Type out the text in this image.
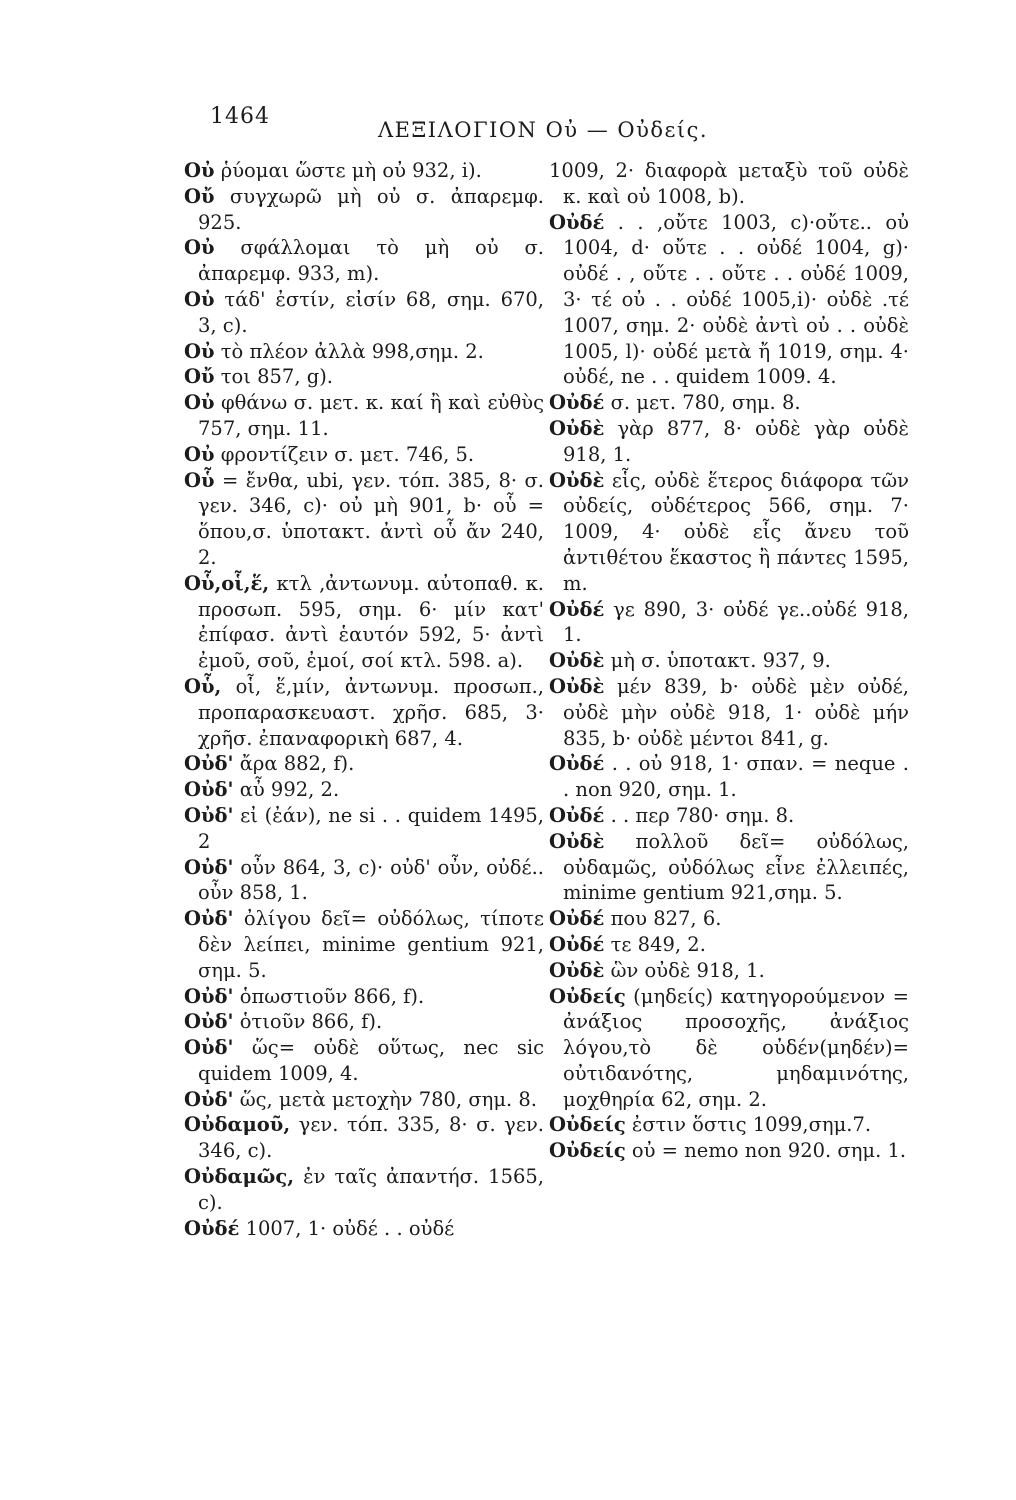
1464
ΛΕΞΙΛΟΓΙΟΝ Οὐ — Οὐδείς.

Οὐ ῥύομαι ὥστε μὴ οὐ 932, i).

Οὔ συγχωρῶ μὴ οὐ σ. ἀπαρεμφ. 925.

Οὐ σφάλλομαι τὸ μὴ οὐ σ. ἀπαρεμφ. 933, m).

Οὐ τάδ' ἐστίν, εἰσίν 68, σημ. 670, 3, c).

Οὐ τὸ πλέον ἀλλὰ 998,σημ. 2.

Οὔ τοι 857, g).

Οὐ φθάνω σ. μετ. κ. καί ἢ καὶ εὐθὺς 757, σημ. 11.

Οὐ φροντίζειν σ. μετ. 746, 5.

Οὗ = ἔνθα, ubi, γεν. τόπ. 385, 8· σ. γεν. 346, c)· οὐ μὴ 901, b· οὗ = ὅπου,σ. ὑποτακτ. ἀντὶ οὗ ἄν 240, 2.

Οὗ,οἷ,ἕ, κτλ ,ἀντωνυμ. αὐτοπαθ. κ. προσωπ. 595, σημ. 6· μίν κατ' ἐπίφασ. ἀντὶ ἑαυτόν 592, 5· ἀντὶ ἐμοῦ, σοῦ, ἐμοί, σοί κτλ. 598. a).

Οὗ, οἷ, ἕ,μίν, ἀντωνυμ. προσωπ., προπαρασκευαστ. χρῆσ. 685, 3· χρῆσ. ἐπαναφορικὴ 687, 4.

Οὐδ' ἄρα 882, f).

Οὐδ' αὖ 992, 2.

Οὐδ' εἰ (ἐάν), ne si . . quidem 1495, 2

Οὐδ' οὖν 864, 3, c)· οὐδ' οὖν, οὐδέ.. οὖν 858, 1.

Οὐδ' ὀλίγου δεῖ= οὐδόλως, τίποτε δὲν λείπει, minime gentium 921, σημ. 5.

Οὐδ' ὁπωστιοῦν 866, f).

Οὐδ' ὁτιοῦν 866, f).

Οὐδ' ὥς= οὐδὲ οὕτως, nec sic quidem 1009, 4.

Οὐδ' ὥς, μετὰ μετοχὴν 780, σημ. 8.

Οὐδαμοῦ, γεν. τόπ. 335, 8· σ. γεν. 346, c).

Οὐδαμῶς, ἐν ταῖς ἀπαντήσ. 1565, c).

Οὐδέ 1007, 1· οὐδέ . . οὐδέ

1009, 2· διαφορὰ μεταξὺ τοῦ οὐδὲ κ. καὶ οὐ 1008, b).

Οὐδέ . . ,οὔτε 1003, c)·οὔτε.. οὐ 1004, d· οὔτε . . οὐδέ 1004, g)· οὐδέ . , οὔτε . . οὔτε . . οὐδέ 1009, 3· τέ οὐ . . οὐδέ 1005,i)· οὐδὲ .τέ 1007, σημ. 2· οὐδὲ ἀντὶ οὐ . . οὐδὲ 1005, l)· οὐδέ μετὰ ἤ 1019, σημ. 4· οὐδέ, ne . . quidem 1009. 4.

Οὐδέ σ. μετ. 780, σημ. 8.

Οὐδὲ γὰρ 877, 8· οὐδὲ γὰρ οὐδὲ 918, 1.

Οὐδὲ εἷς, οὐδὲ ἕτερος διάφορα τῶν οὐδείς, οὐδέτερος 566, σημ. 7· 1009, 4· οὐδὲ εἷς ἄνευ τοῦ ἀντιθέτου ἕκαστος ἢ πάντες 1595, m.

Οὐδέ γε 890, 3· οὐδέ γε..οὐδέ 918, 1.

Οὐδὲ μὴ σ. ὑποτακτ. 937, 9.

Οὐδὲ μέν 839, b· οὐδὲ μὲν οὐδέ, οὐδὲ μὴν οὐδὲ 918, 1· οὐδὲ μήν 835, b· οὐδὲ μέντοι 841, g.

Οὐδέ . . οὐ 918, 1· σπαν. = neque . . non 920, σημ. 1.

Οὐδέ . . περ 780· σημ. 8.

Οὐδὲ πολλοῦ δεῖ= οὐδόλως, οὐδαμῶς, οὐδόλως εἶνε ἐλλειπές, minime gentium 921,σημ. 5.

Οὐδέ που 827, 6.

Οὐδέ τε 849, 2.

Οὐδὲ ὣν οὐδὲ 918, 1.

Οὐδείς (μηδείς) κατηγορούμενον = ἀνάξιος προσοχῆς, ἀνάξιος λόγου,τὸ δὲ οὐδέν(μηδέν)= οὐτιδανότης, μηδαμινότης, μοχθηρία 62, σημ. 2.

Οὐδείς ἐστιν ὅστις 1099,σημ.7.

Οὐδείς οὐ = nemo non 920. σημ. 1.
